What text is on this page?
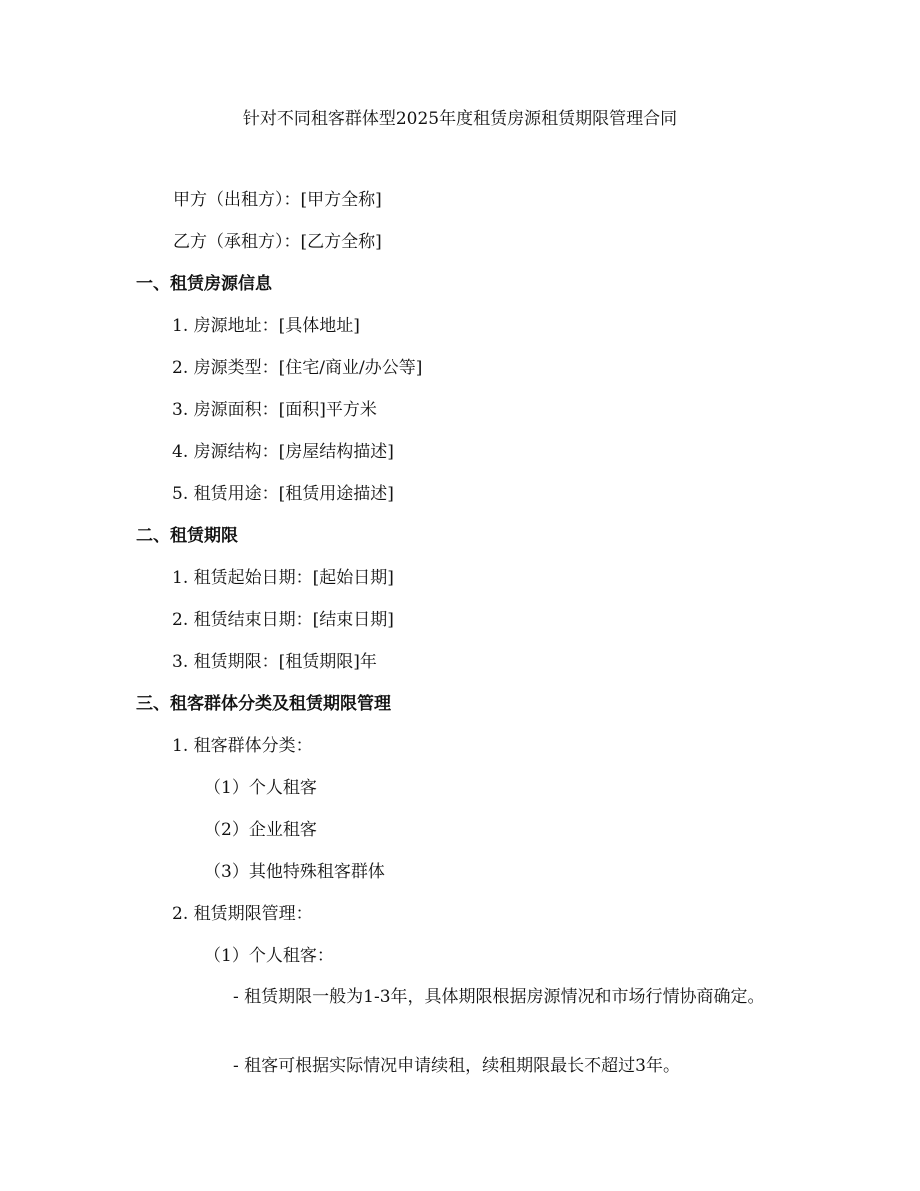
针对不同租客群体型2025年度租赁房源租赁期限管理合同
甲方（出租方）：[甲方全称]
乙方（承租方）：[乙方全称]
一、租赁房源信息
1. 房源地址：[具体地址]
2. 房源类型：[住宅/商业/办公等]
3. 房源面积：[面积]平方米
4. 房源结构：[房屋结构描述]
5. 租赁用途：[租赁用途描述]
二、租赁期限
1. 租赁起始日期：[起始日期]
2. 租赁结束日期：[结束日期]
3. 租赁期限：[租赁期限]年
三、租客群体分类及租赁期限管理
1. 租客群体分类：
（1）个人租客
（2）企业租客
（3）其他特殊租客群体
2. 租赁期限管理：
（1）个人租客：
- 租赁期限一般为1-3年，具体期限根据房源情况和市场行情协商确定。
- 租客可根据实际情况申请续租，续租期限最长不超过3年。
